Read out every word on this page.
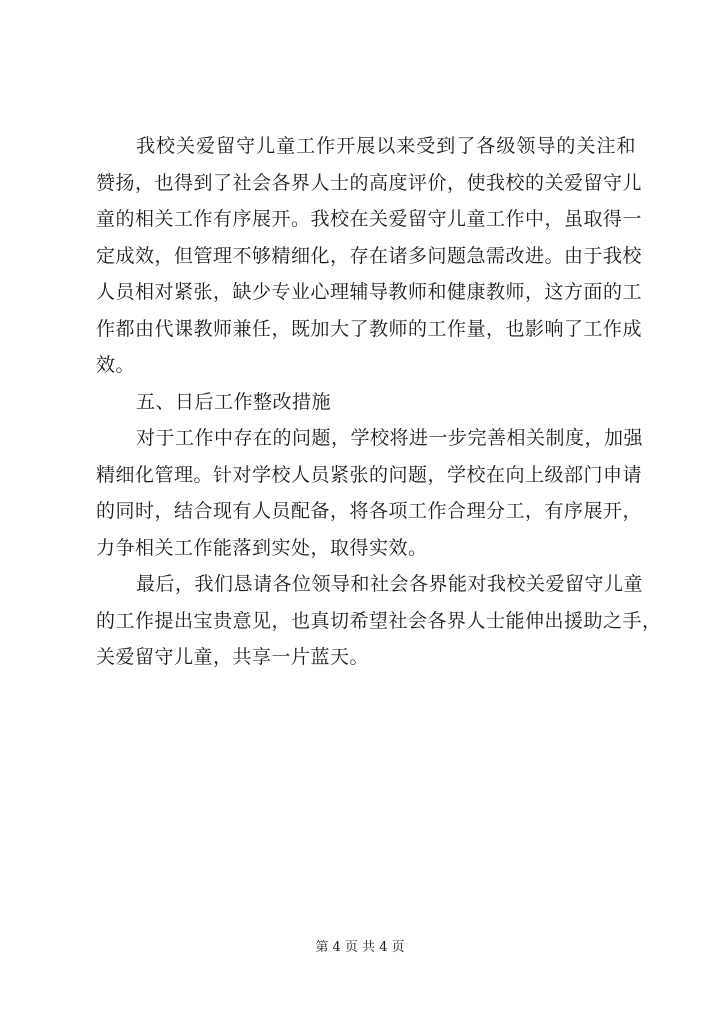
我校关爱留守儿童工作开展以来受到了各级领导的关注和
赞扬，也得到了社会各界人士的高度评价，使我校的关爱留守儿
童的相关工作有序展开。我校在关爱留守儿童工作中，虽取得一
定成效，但管理不够精细化，存在诸多问题急需改进。由于我校
人员相对紧张，缺少专业心理辅导教师和健康教师，这方面的工
作都由代课教师兼任，既加大了教师的工作量，也影响了工作成
效。
五、日后工作整改措施
对于工作中存在的问题，学校将进一步完善相关制度，加强
精细化管理。针对学校人员紧张的问题，学校在向上级部门申请
的同时，结合现有人员配备，将各项工作合理分工，有序展开，
力争相关工作能落到实处，取得实效。
最后，我们恳请各位领导和社会各界能对我校关爱留守儿童
的工作提出宝贵意见，也真切希望社会各界人士能伸出援助之手，
关爱留守儿童，共享一片蓝天。
第 4 页 共 4 页
